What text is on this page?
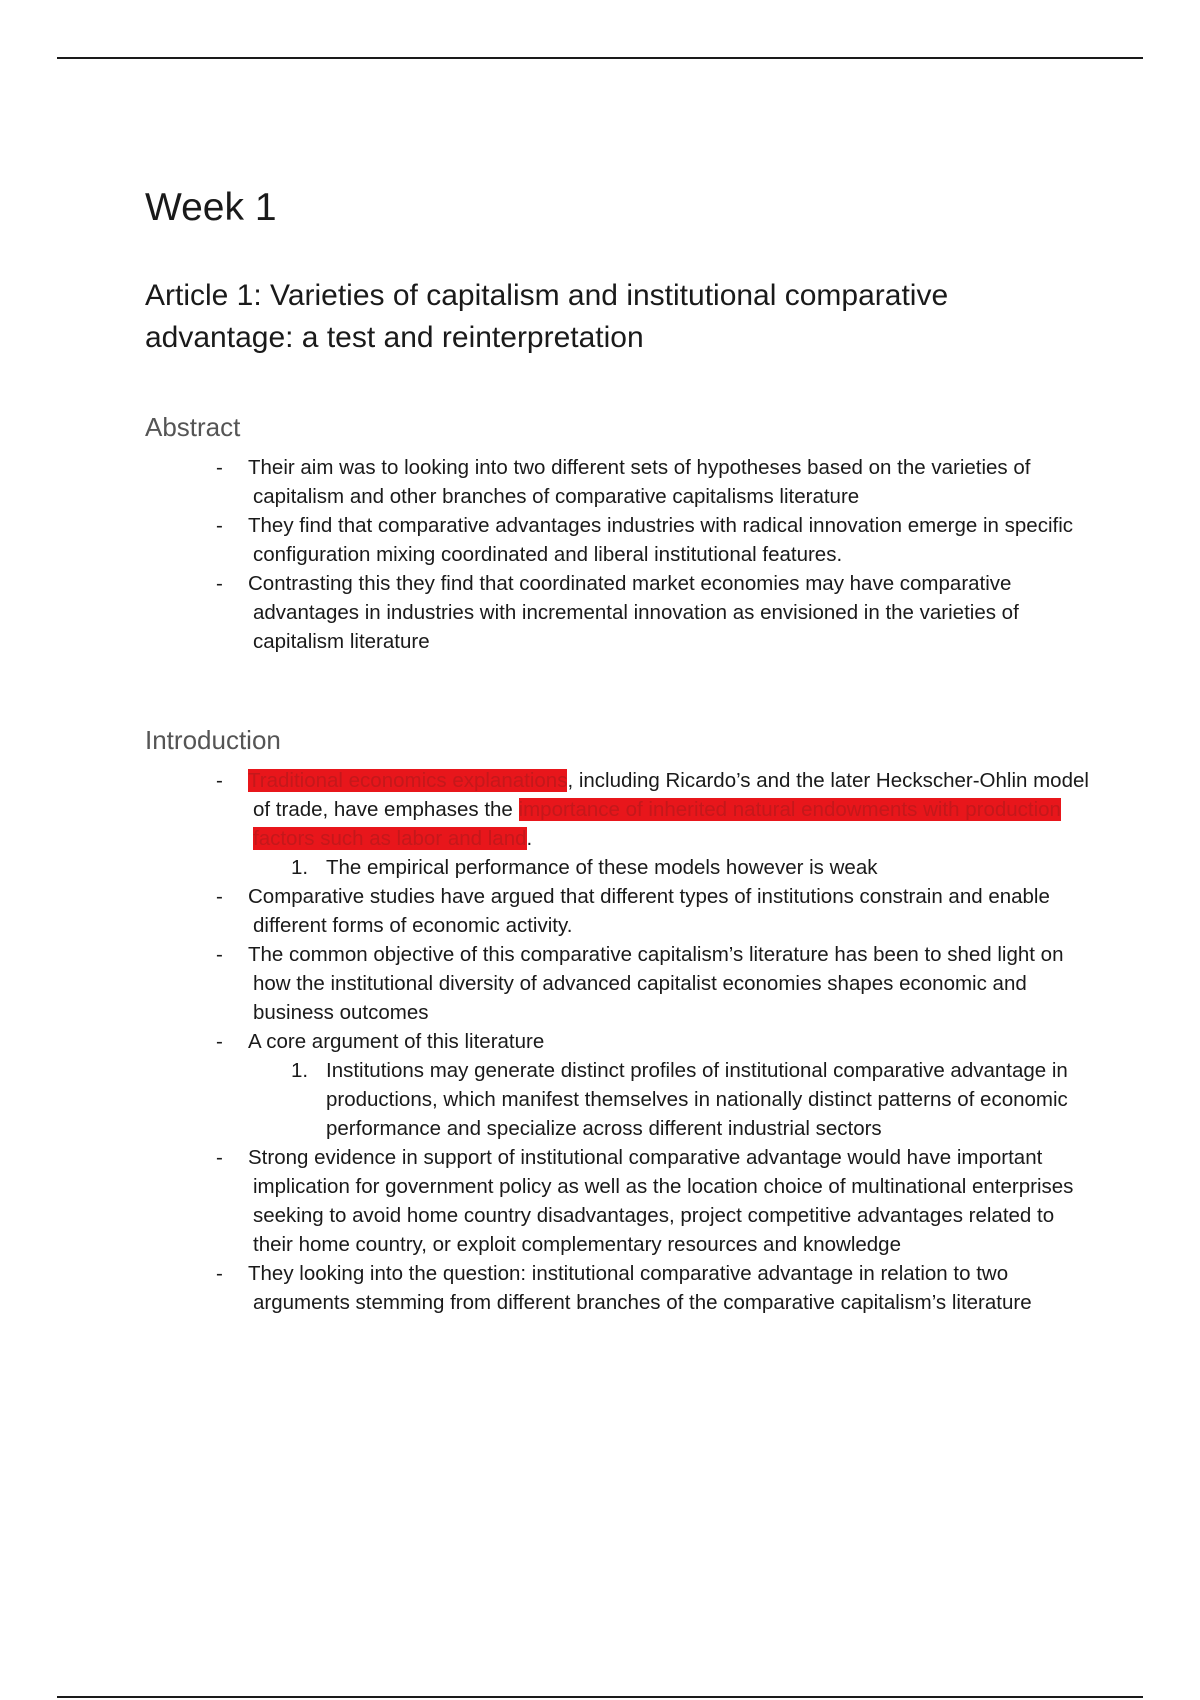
Week 1
Article 1: Varieties of capitalism and institutional comparative advantage: a test and reinterpretation
Abstract
- Their aim was to looking into two different sets of hypotheses based on the varieties of capitalism and other branches of comparative capitalisms literature
- They find that comparative advantages industries with radical innovation emerge in specific configuration mixing coordinated and liberal institutional features.
- Contrasting this they find that coordinated market economies may have comparative advantages in industries with incremental innovation as envisioned in the varieties of capitalism literature
Introduction
- Traditional economics explanations, including Ricardo’s and the later Heckscher-Ohlin model of trade, have emphases the importance of inherited natural endowments with production factors such as labor and land.
1. The empirical performance of these models however is weak
- Comparative studies have argued that different types of institutions constrain and enable different forms of economic activity.
- The common objective of this comparative capitalism’s literature has been to shed light on how the institutional diversity of advanced capitalist economies shapes economic and business outcomes
- A core argument of this literature
1. Institutions may generate distinct profiles of institutional comparative advantage in productions, which manifest themselves in nationally distinct patterns of economic performance and specialize across different industrial sectors
- Strong evidence in support of institutional comparative advantage would have important implication for government policy as well as the location choice of multinational enterprises seeking to avoid home country disadvantages, project competitive advantages related to their home country, or exploit complementary resources and knowledge
- They looking into the question: institutional comparative advantage in relation to two arguments stemming from different branches of the comparative capitalism’s literature
